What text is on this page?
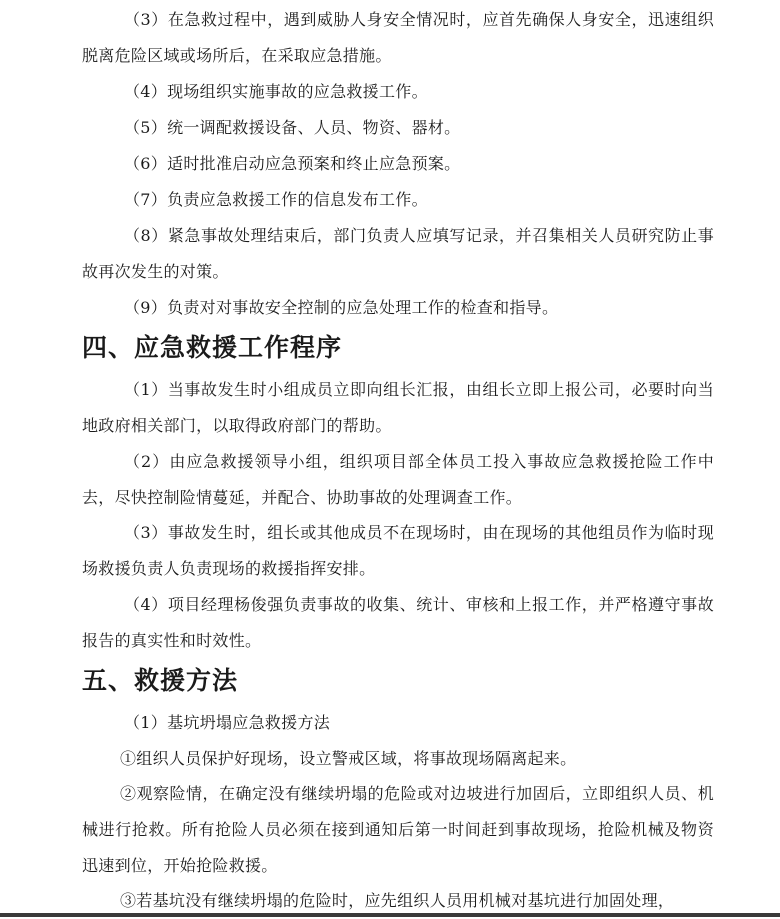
（3）在急救过程中，遇到威胁人身安全情况时，应首先确保人身安全，迅速组织脱离危险区域或场所后，在采取应急措施。

（4）现场组织实施事故的应急救援工作。

（5）统一调配救援设备、人员、物资、器材。

（6）适时批准启动应急预案和终止应急预案。

（7）负责应急救援工作的信息发布工作。

（8）紧急事故处理结束后，部门负责人应填写记录，并召集相关人员研究防止事故再次发生的对策。

（9）负责对对事故安全控制的应急处理工作的检查和指导。

四、应急救援工作程序

（1）当事故发生时小组成员立即向组长汇报，由组长立即上报公司，必要时向当地政府相关部门，以取得政府部门的帮助。

（2）由应急救援领导小组，组织项目部全体员工投入事故应急救援抢险工作中去，尽快控制险情蔓延，并配合、协助事故的处理调查工作。

（3）事故发生时，组长或其他成员不在现场时，由在现场的其他组员作为临时现场救援负责人负责现场的救援指挥安排。

（4）项目经理杨俊强负责事故的收集、统计、审核和上报工作，并严格遵守事故报告的真实性和时效性。

五、救援方法

（1）基坑坍塌应急救援方法

①组织人员保护好现场，设立警戒区域，将事故现场隔离起来。

②观察险情，在确定没有继续坍塌的危险或对边坡进行加固后，立即组织人员、机械进行抢救。所有抢险人员必须在接到通知后第一时间赶到事故现场，抢险机械及物资迅速到位，开始抢险救援。

③若基坑没有继续坍塌的危险时，应先组织人员用机械对基坑进行加固处理，
